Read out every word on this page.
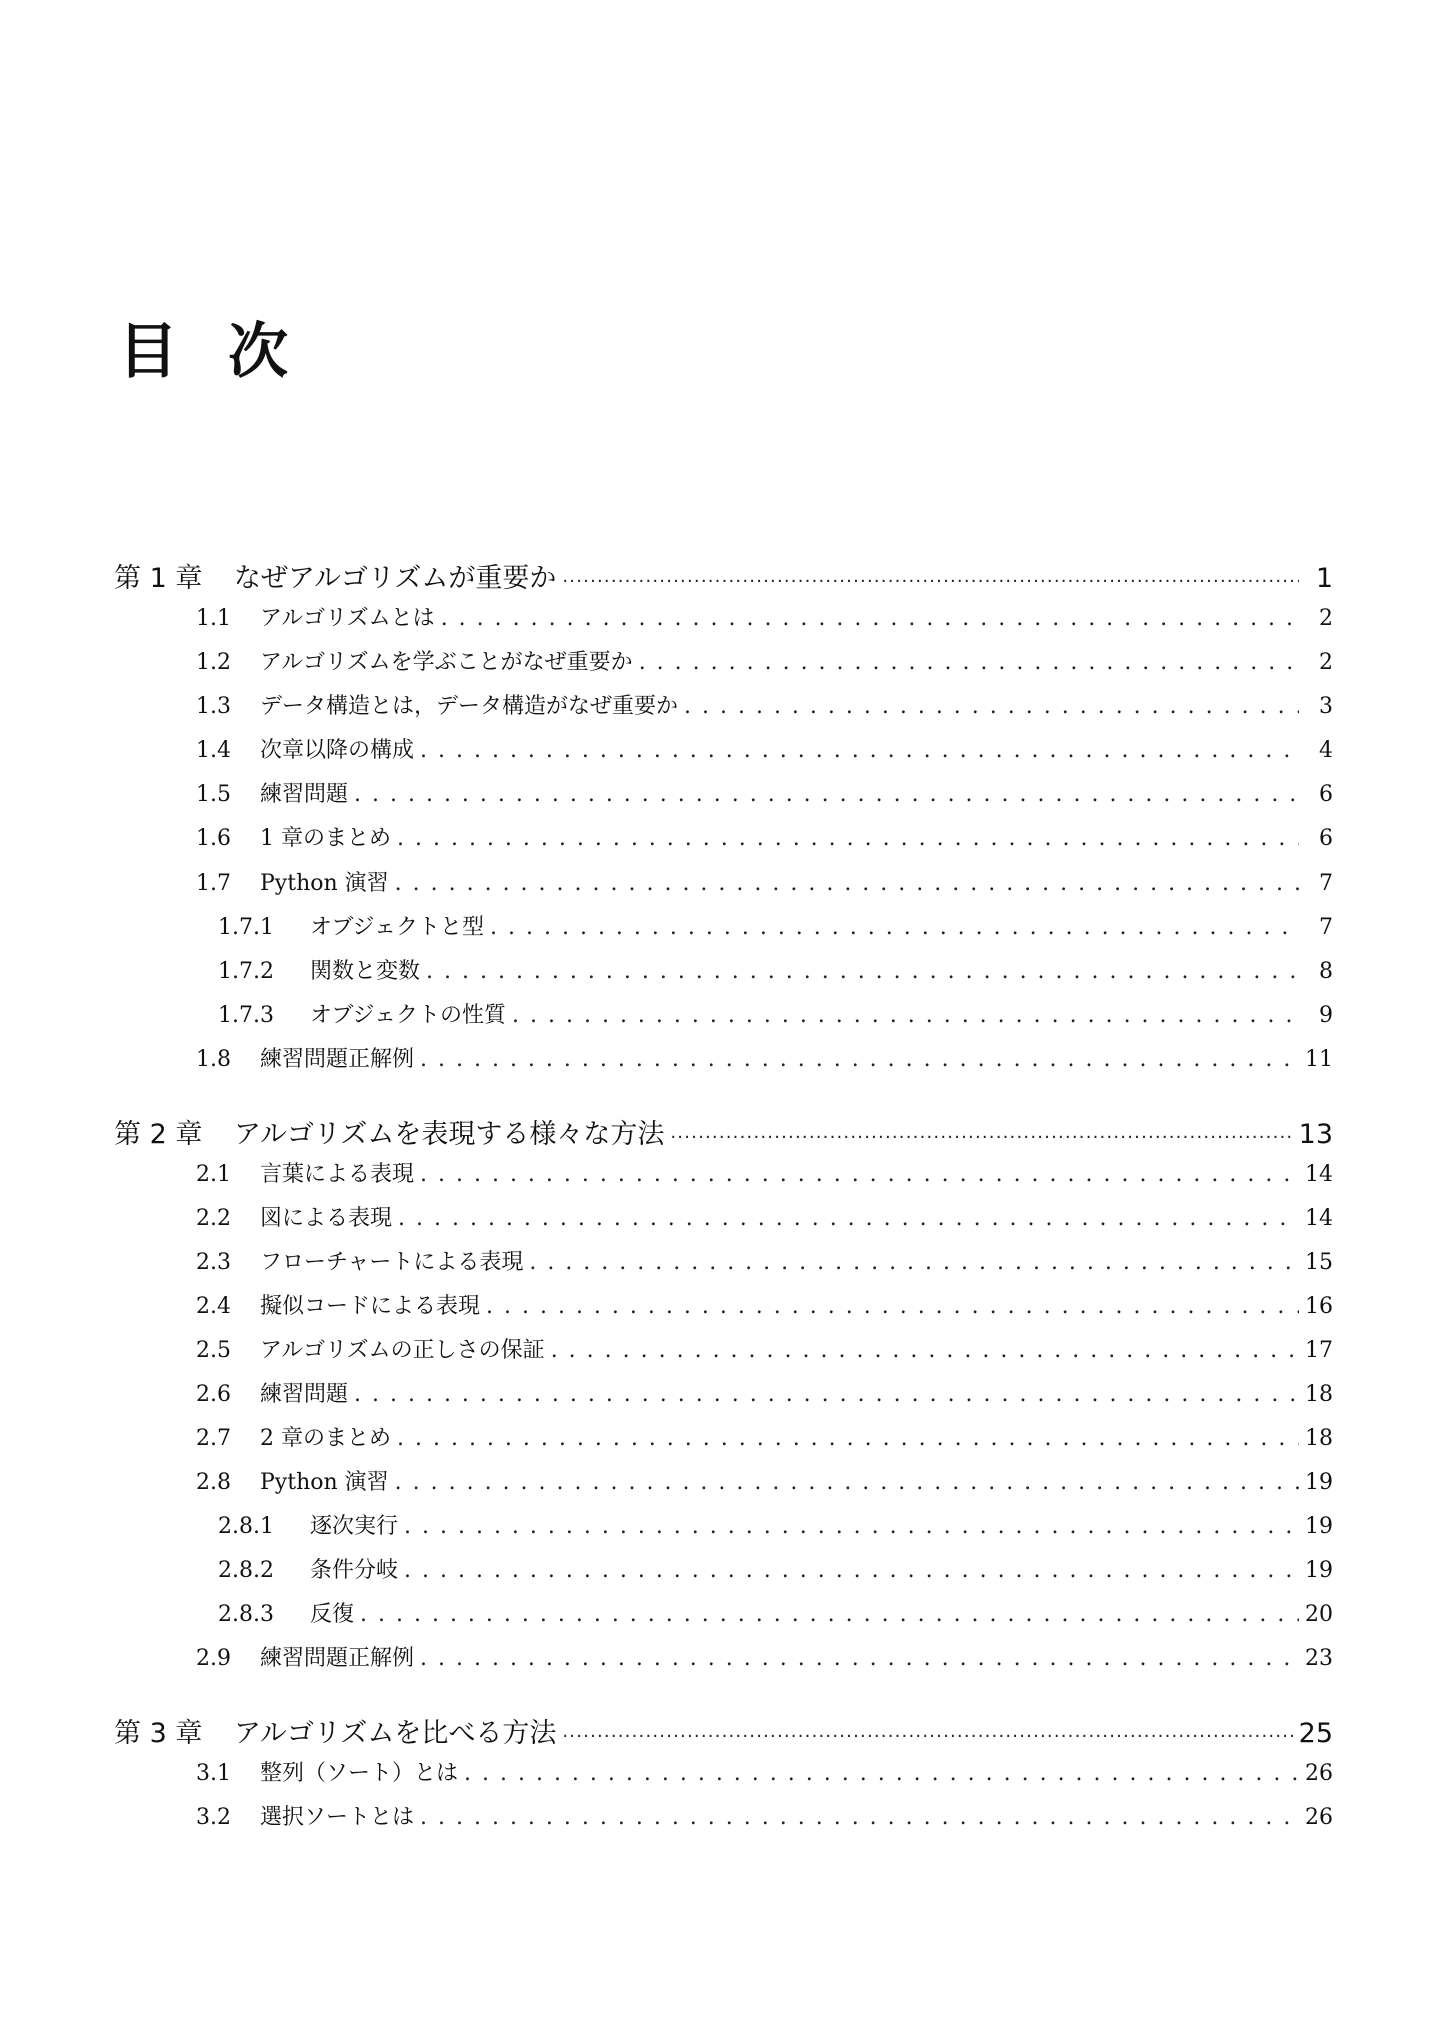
目次
第 1 章	なぜアルゴリズムが重要か ·····	1
1.1	アルゴリズムとは . . .	2
1.2	アルゴリズムを学ぶことがなぜ重要か . . .	2
1.3	データ構造とは，データ構造がなぜ重要か . . .	3
1.4	次章以降の構成 . . .	4
1.5	練習問題 . . .	6
1.6	1 章のまとめ . . .	6
1.7	Python 演習 . . .	7
1.7.1	オブジェクトと型 . . .	7
1.7.2	関数と変数 . . .	8
1.7.3	オブジェクトの性質 . . .	9
1.8	練習問題正解例 . . .	11
第 2 章	アルゴリズムを表現する様々な方法 ·····	13
2.1	言葉による表現 . . .	14
2.2	図による表現 . . .	14
2.3	フローチャートによる表現 . . .	15
2.4	擬似コードによる表現 . . .	16
2.5	アルゴリズムの正しさの保証 . . .	17
2.6	練習問題 . . .	18
2.7	2 章のまとめ . . .	18
2.8	Python 演習 . . .	19
2.8.1	逐次実行 . . .	19
2.8.2	条件分岐 . . .	19
2.8.3	反復 . . .	20
2.9	練習問題正解例 . . .	23
第 3 章	アルゴリズムを比べる方法 ·····	25
3.1	整列（ソート）とは . . .	26
3.2	選択ソートとは . . .	26
